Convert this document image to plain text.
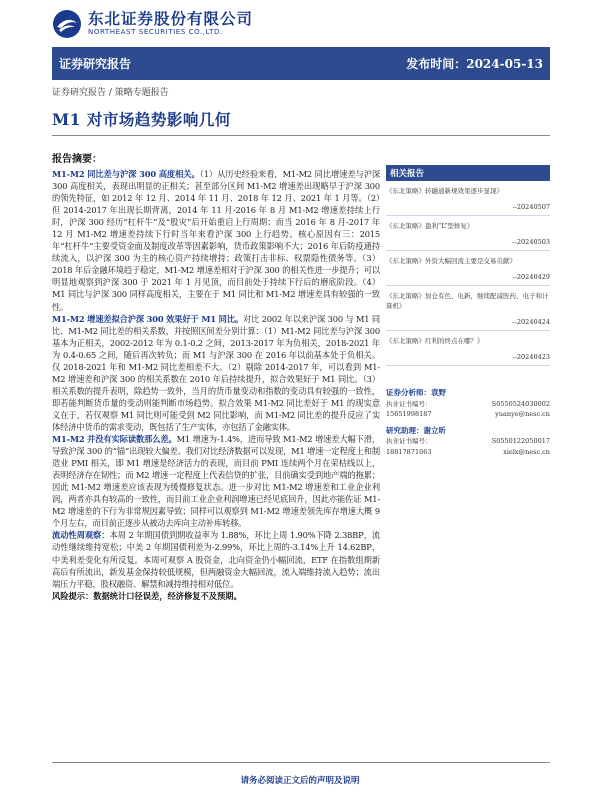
东北证券股份有限公司
NORTHEAST SECURITIES CO.,LTD.
证券研究报告	发布时间：2024-05-13
证券研究报告 / 策略专题报告
M1 对市场趋势影响几何
报告摘要：

M1-M2 同比差与沪深 300 高度相关。（1）从历史经验来看，M1-M2 同比增速差与沪深 300 高度相关，表现出明显的正相关；甚至部分区间 M1-M2 增速差出现略早于沪深 300 的领先特征，如 2012 年 12 月、2014 年 11 月、2018 年 12 月、2021 年 1 月等。（2）但 2014-2017 年出现长期背离，2014 年 11 月-2016 年 8 月 M1-M2 增速差持续上行时，沪深 300 经历“杠杆牛”及“股灾”后开始重启上行周期；而当 2016 年 8 月-2017 年 12 月 M1-M2 增速差持续下行时当年来看沪深 300 上行趋势。核心原因有三：2015 年“杠杆牛”主要受资金面及制度改革等因素影响，货币政策影响不大；2016 年后防疫通持续流入，以沪深 300 为主的核心资产持续增持；政策打击非标、权票隐性债务等。（3）2018 年后金融环境趋于稳定，M1-M2 增速差相对于沪深 300 的相关性进一步提升；可以明显地观察到沪深 300 于 2021 年 1 月见顶，而目前处于持续下行后的磨底阶段。（4）M1 同比与沪深 300 同样高度相关，主要在于 M1 同比和 M1-M2 增速差具有较强的一致性。

M1-M2 增速差拟合沪深 300 效果好于 M1 同比。对比 2002 年以来沪深 300 与 M1 同比、M1-M2 同比差的相关系数，并按照区间差分别计算：（1）M1-M2 同比差与沪深 300 基本为正相关，2002-2012 年为 0.1-0.2 之间，2013-2017 年为负相关，2018-2021 年为 0.4-0.65 之间，随后再次转负；而 M1 与沪深 300 在 2016 年以前基本处于负相关。仅 2018-2021 年和 M1-M2 同比差相差不大。（2）剔除 2014-2017 年，可以看到 M1-M2 增速差和沪深 300 的相关系数在 2010 年后持续提升，拟合效果好于 M1 同比。（3）相关系数的提升表明，除趋势一致外，当月的货币量变动和指数的变动具有较强的一致性，即若能判断货币量的变动则能判断市场趋势。拟合效果 M1-M2 同比差好于 M1 的现实意义在于，若仅观察 M1 同比则可能受到 M2 同比影响，而 M1-M2 同比差的提升反应了实体经济中货币的需求变动，既包括了生产实体，亦包括了金融实体。

M1-M2 并没有实际读数那么差。M1 增速为-1.4%，进而导致 M1-M2 增速差大幅下滑，导致沪深 300 的“锚”出现较大偏差。我们对比经济数据可以发现，M1 增速一定程度上和制造业 PMI 相关，即 M1 增速是经济活力的表现，而目前 PMI 连续两个月在荣枯线以上，表明经济存在韧性；而 M2 增速一定程度上代表信贷的扩张，目前确实受到地产端的拖累；因此 M1-M2 增速差应该表现为缓慢修复状态。进一步对比 M1-M2 增速差和工业企业利润，两者亦具有较高的一致性，而目前工业企业利润增速已经见底回升，因此亦能佐证 M1-M2 增速差的下行为非常规因素导致；同样可以观察到 M1-M2 增速差领先库存增速大概 9 个月左右，而目前正逐步从被动去库向主动补库转移。

流动性周观察：本周 2 年期国债到期收益率为 1.88%，环比上周 1.90%下降 2.38BP，流动性继续维持宽松；中美 2 年期国债利差为-2.99%，环比上周的-3.14%上升 14.62BP，中美利差变化有所反复。本周可观察 A 股资金，北向资金仍小幅回流，ETF 在指数组期新高后有所流出，新发基金保持较低规模，但两融资金大幅回流，流入端维持流入趋势；流出端压力平稳，股权融资、解禁和减持维持相对低位。

风险提示：数据统计口径误差，经济修复不及预期。

相关报告
《东北策略》转融通新规效果逐步显现》
--20240507
《东北策略》盈利“L”型修复》
--20240503
《东北策略》外资大幅回流主要是交易贡献》
--20240429
《东北策略》加仓有色、电新，继续配减医药、电子和计算机》
--20240424
《东北策略》红利的终点在哪？》
--20240423
证券分析师：袁野
执业证书编号：	S0550524030002
15651998187	yuanye@nesc.cn
研究助理：谢立昕
执业证书编号：	S0550122050017
18817871063	xielx@nesc.cn
请务必阅读正文后的声明及说明
